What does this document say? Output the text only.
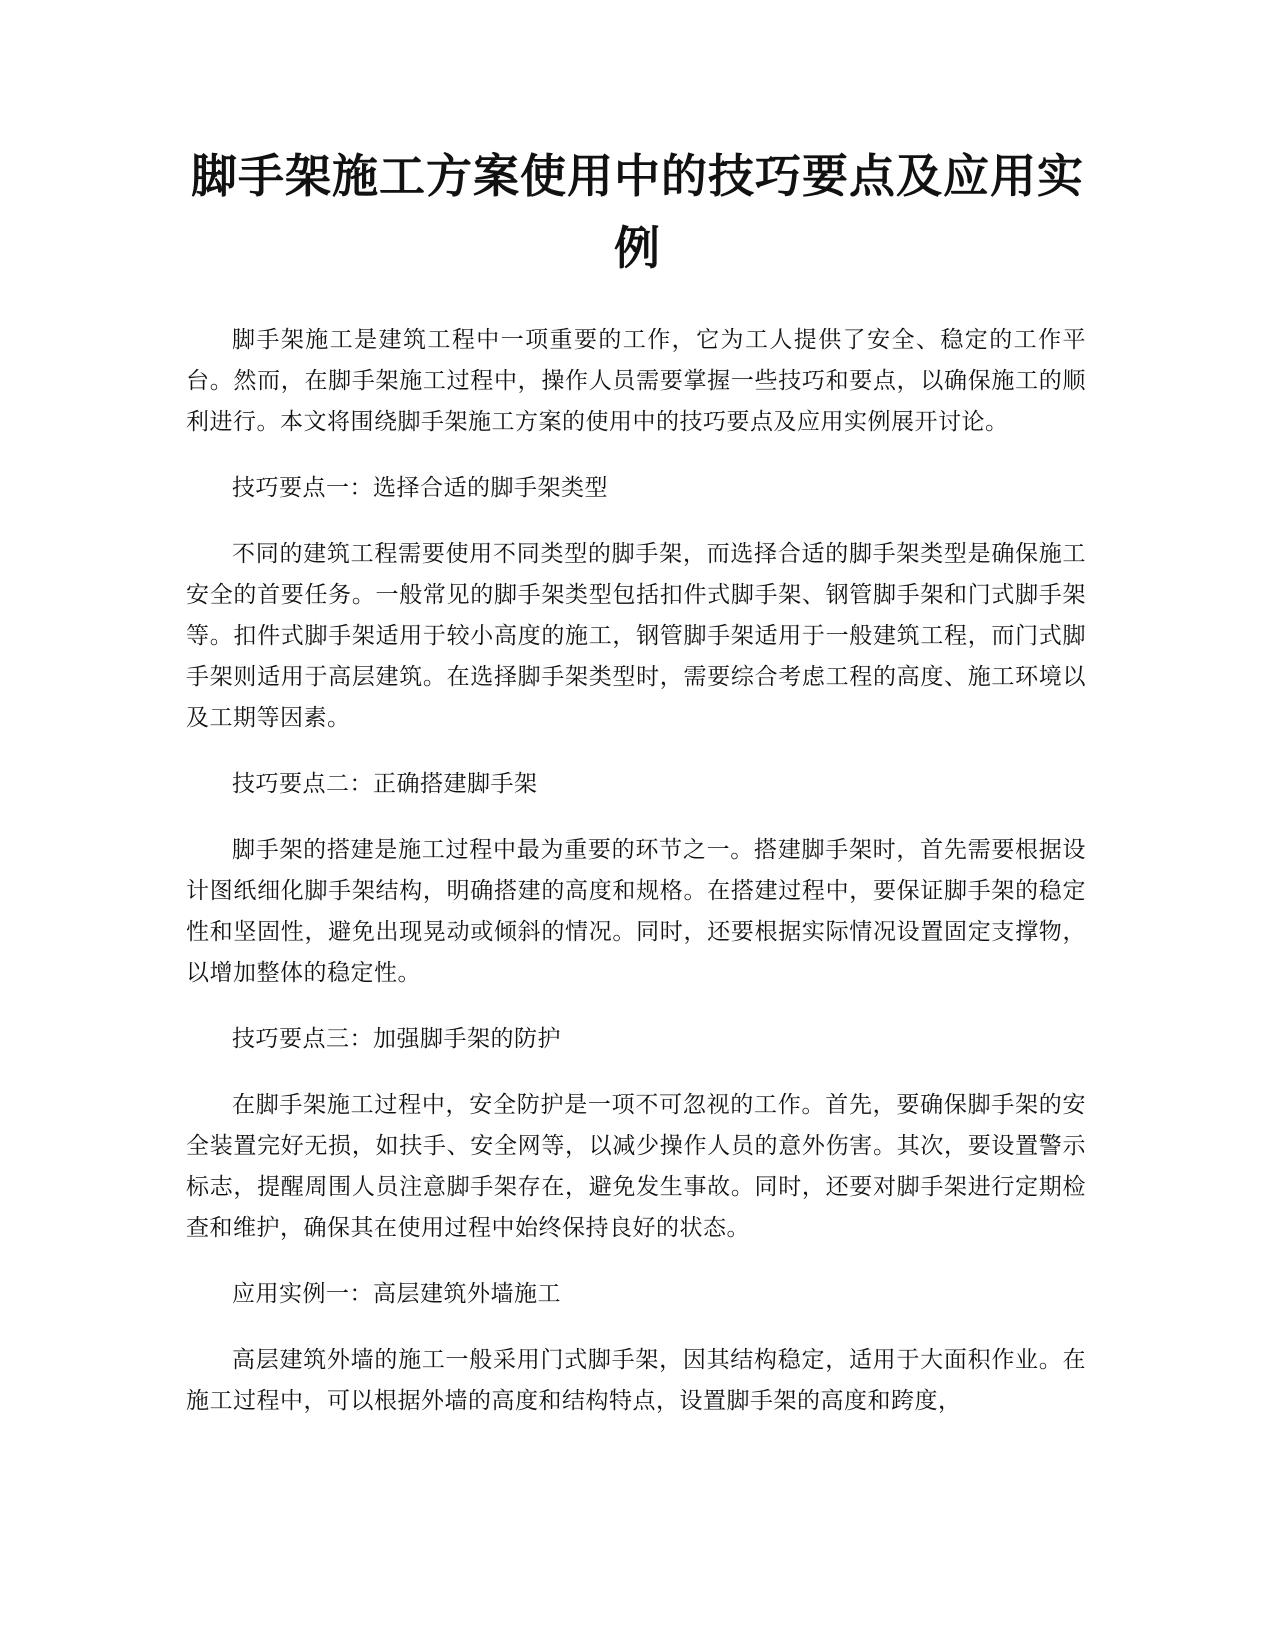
脚手架施工方案使用中的技巧要点及应用实例

脚手架施工是建筑工程中一项重要的工作，它为工人提供了安全、稳定的工作平台。然而，在脚手架施工过程中，操作人员需要掌握一些技巧和要点，以确保施工的顺利进行。本文将围绕脚手架施工方案的使用中的技巧要点及应用实例展开讨论。

技巧要点一：选择合适的脚手架类型

不同的建筑工程需要使用不同类型的脚手架，而选择合适的脚手架类型是确保施工安全的首要任务。一般常见的脚手架类型包括扣件式脚手架、钢管脚手架和门式脚手架等。扣件式脚手架适用于较小高度的施工，钢管脚手架适用于一般建筑工程，而门式脚手架则适用于高层建筑。在选择脚手架类型时，需要综合考虑工程的高度、施工环境以及工期等因素。

技巧要点二：正确搭建脚手架

脚手架的搭建是施工过程中最为重要的环节之一。搭建脚手架时，首先需要根据设计图纸细化脚手架结构，明确搭建的高度和规格。在搭建过程中，要保证脚手架的稳定性和坚固性，避免出现晃动或倾斜的情况。同时，还要根据实际情况设置固定支撑物，以增加整体的稳定性。

技巧要点三：加强脚手架的防护

在脚手架施工过程中，安全防护是一项不可忽视的工作。首先，要确保脚手架的安全装置完好无损，如扶手、安全网等，以减少操作人员的意外伤害。其次，要设置警示标志，提醒周围人员注意脚手架存在，避免发生事故。同时，还要对脚手架进行定期检查和维护，确保其在使用过程中始终保持良好的状态。

应用实例一：高层建筑外墙施工

高层建筑外墙的施工一般采用门式脚手架，因其结构稳定，适用于大面积作业。在施工过程中，可以根据外墙的高度和结构特点，设置脚手架的高度和跨度，
